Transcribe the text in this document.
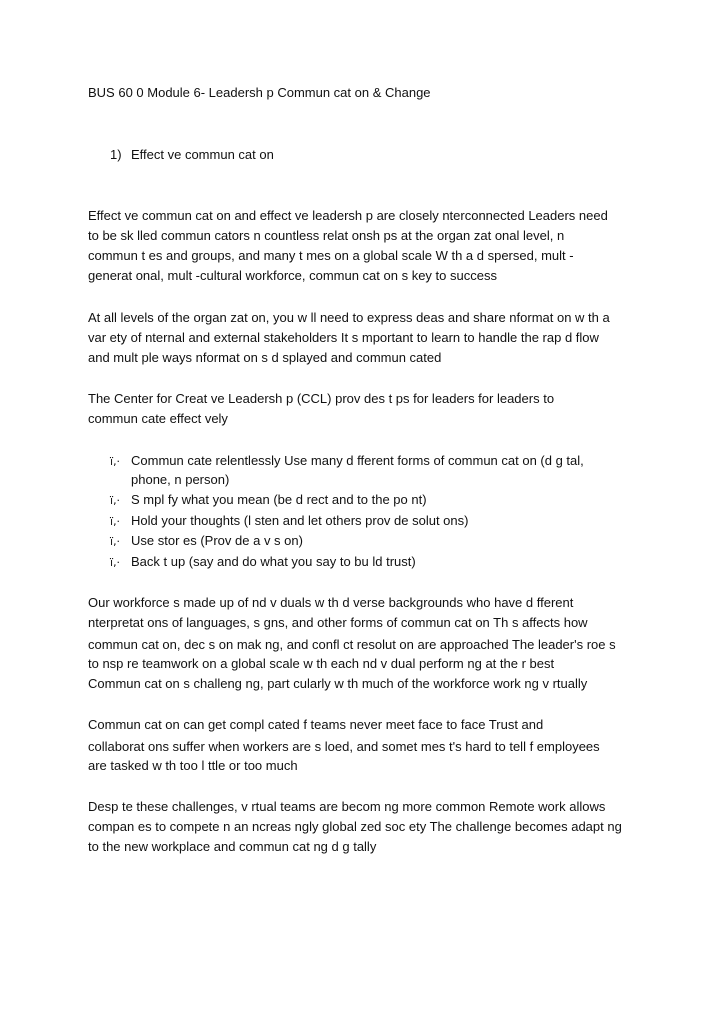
BUS 60 0 Module 6- Leadersh p Commun cat on & Change
1) Effect ve commun cat on
Effect ve commun cat on and effect ve leadersh p are closely nterconnected Leaders need
to be sk lled commun cators n countless relat onsh ps at the organ zat onal level, n
commun t es and groups, and many t mes on a global scale W th a d spersed, mult -
generat onal, mult -cultural workforce, commun cat on s key to success
At all levels of the organ zat on, you w ll need to express deas and share nformat on w th a
var ety of nternal and external stakeholders It s mportant to learn to handle the rap d flow
and mult ple ways nformat on s d splayed and commun cated
The Center for Creat ve Leadersh p (CCL) prov des t ps for leaders for leaders to
commun cate effect vely
ï‚· Commun cate relentlessly Use many d fferent forms of commun cat on (d g tal,
phone, n person)
ï‚· S mpl fy what you mean (be d rect and to the po nt)
ï‚· Hold your thoughts (l sten and let others prov de solut ons)
ï‚· Use stor es (Prov de a v s on)
ï‚· Back t up (say and do what you say to bu ld trust)
Our workforce s made up of nd v duals w th d verse backgrounds who have d fferent
nterpretat ons of languages, s gns, and other forms of commun cat on Th s affects how
commun cat on, dec s on mak ng, and confl ct resolut on are approached The leader's roe s
to nsp re teamwork on a global scale w th each nd v dual perform ng at the r best
Commun cat on s challeng ng, part cularly w th much of the workforce work ng v rtually
Commun cat on can get compl cated f teams never meet face to face Trust and
collaborat ons suffer when workers are s loed, and somet mes t's hard to tell f employees
are tasked w th too l ttle or too much
Desp te these challenges, v rtual teams are becom ng more common Remote work allows
compan es to compete n an ncreas ngly global zed soc ety The challenge becomes adapt ng
to the new workplace and commun cat ng d g tally
